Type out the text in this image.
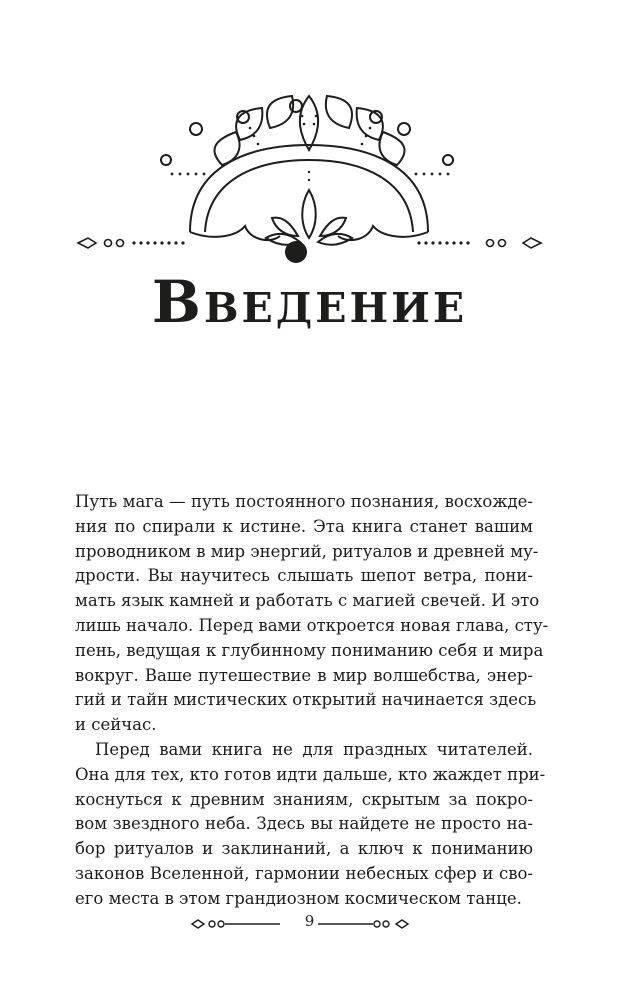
Введение
Путь мага — путь постоянного познания, восхожде-
ния по спирали к истине. Эта книга станет вашим
проводником в мир энергий, ритуалов и древней му-
дрости. Вы научитесь слышать шепот ветра, пони-
мать язык камней и работать с магией свечей. И это
лишь начало. Перед вами откроется новая глава, сту-
пень, ведущая к глубинному пониманию себя и мира
вокруг. Ваше путешествие в мир волшебства, энер-
гий и тайн мистических открытий начинается здесь
и сейчас.
Перед вами книга не для праздных читателей.
Она для тех, кто готов идти дальше, кто жаждет при-
коснуться к древним знаниям, скрытым за покро-
вом звездного неба. Здесь вы найдете не просто на-
бор ритуалов и заклинаний, а ключ к пониманию
законов Вселенной, гармонии небесных сфер и сво-
его места в этом грандиозном космическом танце.
9
